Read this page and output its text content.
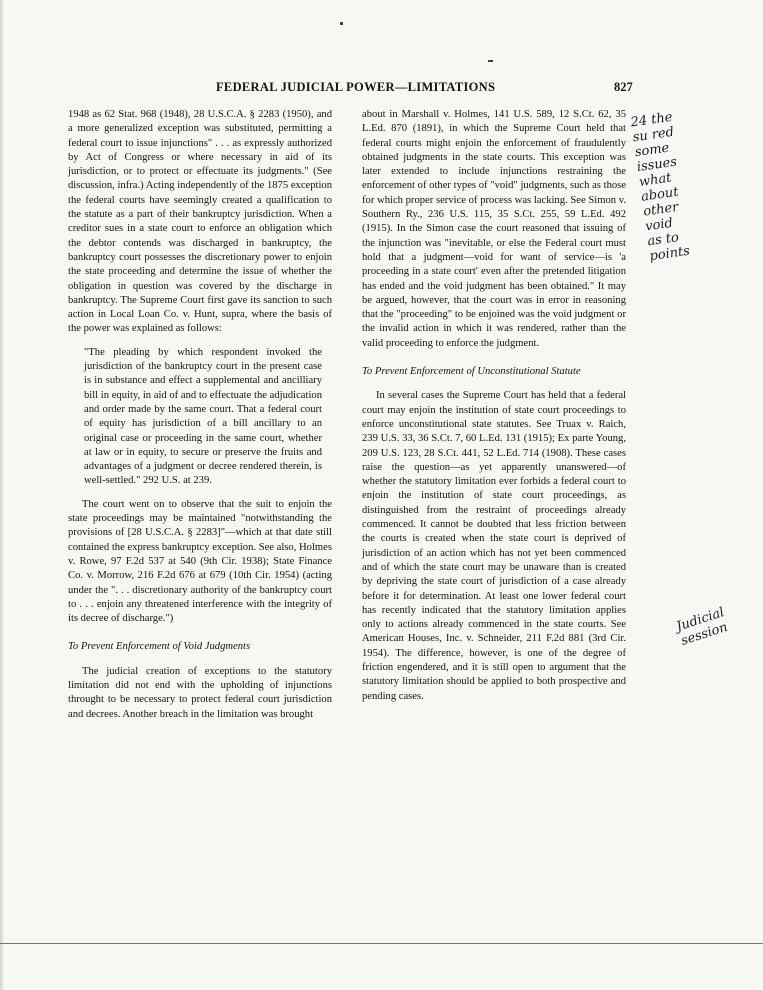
FEDERAL JUDICIAL POWER—LIMITATIONS	827

1948 as 62 Stat. 968 (1948), 28 U.S.C.A. § 2283 (1950), and a more generalized exception was substituted, permitting a federal court to issue injunctions" . . . as expressly authorized by Act of Congress or where necessary in aid of its jurisdiction, or to protect or effectuate its judgments." (See discussion, infra.) Acting independently of the 1875 exception the federal courts have seemingly created a qualification to the statute as a part of their bankruptcy jurisdiction. When a creditor sues in a state court to enforce an obligation which the debtor contends was discharged in bankruptcy, the bankruptcy court possesses the discretionary power to enjoin the state proceeding and determine the issue of whether the obligation in question was covered by the discharge in bankruptcy. The Supreme Court first gave its sanction to such action in Local Loan Co. v. Hunt, supra, where the basis of the power was explained as follows:

"The pleading by which respondent invoked the jurisdiction of the bankruptcy court in the present case is in substance and effect a supplemental and ancilliary bill in equity, in aid of and to effectuate the adjudication and order made by the same court. That a federal court of equity has jurisdiction of a bill ancillary to an original case or proceeding in the same court, whether at law or in equity, to secure or preserve the fruits and advantages of a judgment or decree rendered therein, is well-settled." 292 U.S. at 239.

The court went on to observe that the suit to enjoin the state proceedings may be maintained "notwithstanding the provisions of [28 U.S.C.A. § 2283]"—which at that date still contained the express bankruptcy exception. See also, Holmes v. Rowe, 97 F.2d 537 at 540 (9th Cir. 1938); State Finance Co. v. Morrow, 216 F.2d 676 at 679 (10th Cir. 1954) (acting under the ". . . discretionary authority of the bankruptcy court to . . . enjoin any threatened interference with the integrity of its decree of discharge.")

To Prevent Enforcement of Void Judgments

The judicial creation of exceptions to the statutory limitation did not end with the upholding of injunctions throught to be necessary to protect federal court jurisdiction and decrees. Another breach in the limitation was brought

about in Marshall v. Holmes, 141 U.S. 589, 12 S.Ct. 62, 35 L.Ed. 870 (1891), in which the Supreme Court held that federal courts might enjoin the enforcement of fraudulently obtained judgments in the state courts. This exception was later extended to include injunctions restraining the enforcement of other types of "void" judgments, such as those for which proper service of process was lacking. See Simon v. Southern Ry., 236 U.S. 115, 35 S.Ct. 255, 59 L.Ed. 492 (1915). In the Simon case the court reasoned that issuing of the injunction was "inevitable, or else the Federal court must hold that a judgment—void for want of service—is 'a proceeding in a state court' even after the pretended litigation has ended and the void judgment has been obtained." It may be argued, however, that the court was in error in reasoning that the "proceeding" to be enjoined was the void judgment or the invalid action in which it was rendered, rather than the valid proceeding to enforce the judgment.

To Prevent Enforcement of Unconstitutional Statute

In several cases the Supreme Court has held that a federal court may enjoin the institution of state court proceedings to enforce unconstitutional state statutes. See Truax v. Raich, 239 U.S. 33, 36 S.Ct. 7, 60 L.Ed. 131 (1915); Ex parte Young, 209 U.S. 123, 28 S.Ct. 441, 52 L.Ed. 714 (1908). These cases raise the question—as yet apparently unanswered—of whether the statutory limitation ever forbids a federal court to enjoin the institution of state court proceedings, as distinguished from the restraint of proceedings already commenced. It cannot be doubted that less friction between the courts is created when the state court is deprived of jurisdiction of an action which has not yet been commenced and of which the state court may be unaware than is created by depriving the state court of jurisdiction of a case already before it for determination. At least one lower federal court has recently indicated that the statutory limitation applies only to actions already commenced in the state courts. See American Houses, Inc. v. Schneider, 211 F.2d 881 (3rd Cir. 1954). The difference, however, is one of the degree of friction engendered, and it is still open to argument that the statutory limitation should be applied to both prospective and pending cases.

24 the
su red
some
issues
what
about
other
void
as to
points
Judicial
session
